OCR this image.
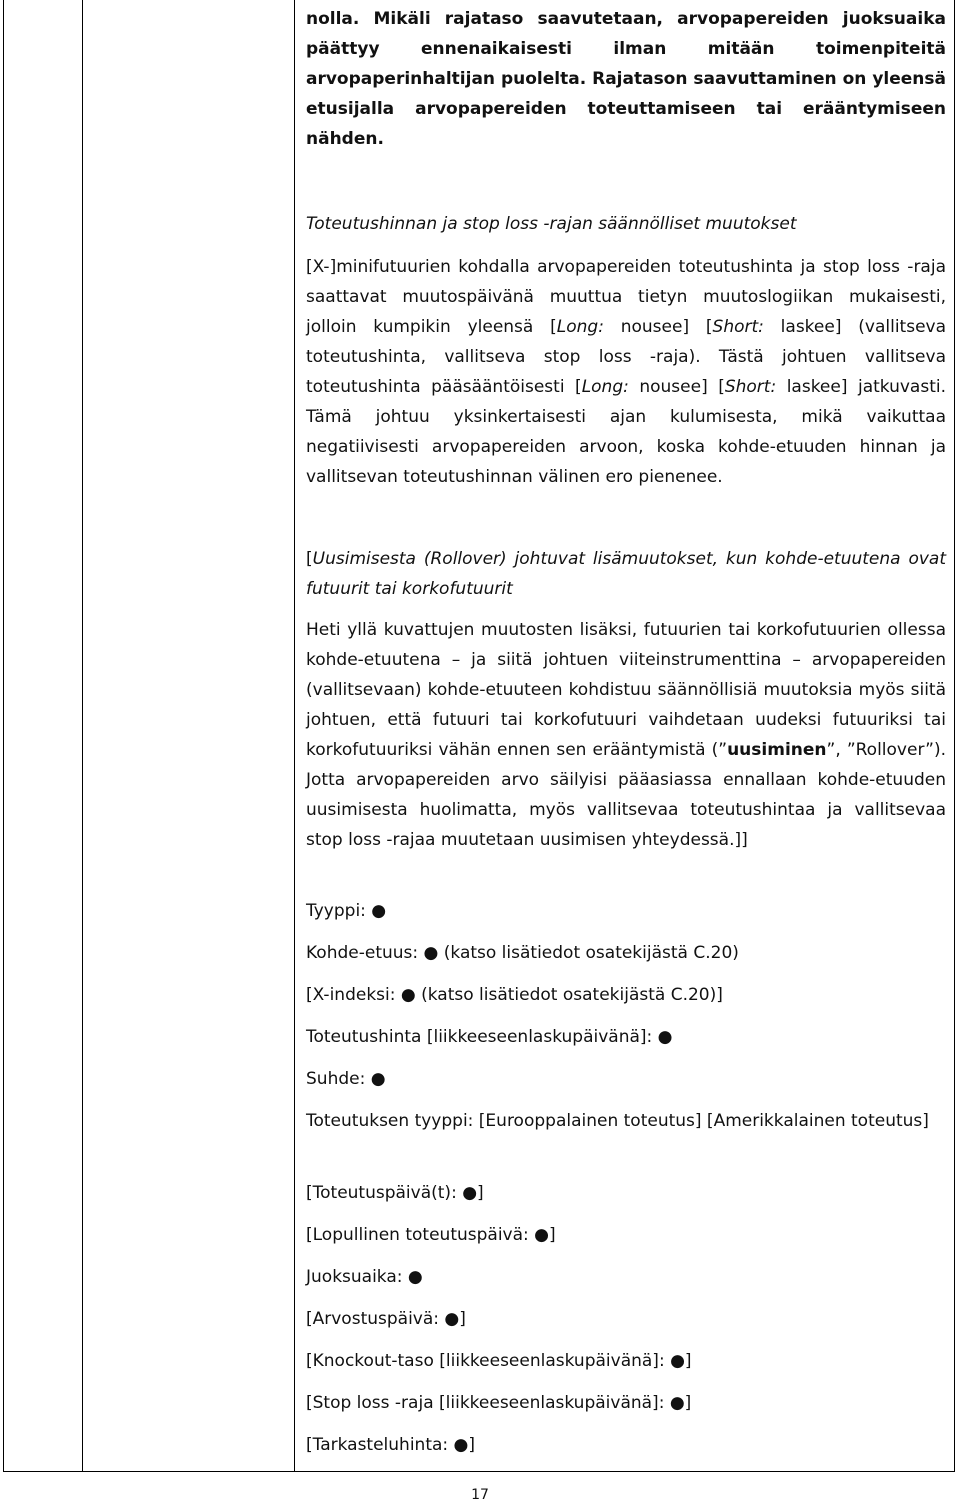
nolla. Mikäli rajataso saavutetaan, arvopapereiden juoksuaika päättyy ennenaikaisesti ilman mitään toimenpiteitä arvopaperinhaltijan puolelta. Rajatason saavuttaminen on yleensä etusijalla arvopapereiden toteuttamiseen tai erääntymiseen nähden.

Toteutushinnan ja stop loss -rajan säännölliset muutokset

[X-]minifutuurien kohdalla arvopapereiden toteutushinta ja stop loss -raja saattavat muutospäivänä muuttua tietyn muutoslogiikan mukaisesti, jolloin kumpikin yleensä [Long: nousee] [Short: laskee] (vallitseva toteutushinta, vallitseva stop loss -raja). Tästä johtuen vallitseva toteutushinta pääsääntöisesti [Long: nousee] [Short: laskee] jatkuvasti. Tämä johtuu yksinkertaisesti ajan kulumisesta, mikä vaikuttaa negatiivisesti arvopapereiden arvoon, koska kohde-etuuden hinnan ja vallitsevan toteutushinnan välinen ero pienenee.

[Uusimisesta (Rollover) johtuvat lisämuutokset, kun kohde-etuutena ovat futuurit tai korkofutuurit

Heti yllä kuvattujen muutosten lisäksi, futuurien tai korkofutuurien ollessa kohde-etuutena – ja siitä johtuen viiteinstrumenttina – arvopapereiden (vallitsevaan) kohde-etuuteen kohdistuu säännöllisiä muutoksia myös siitä johtuen, että futuuri tai korkofutuuri vaihdetaan uudeksi futuuriksi tai korkofutuuriksi vähän ennen sen erääntymistä (”uusiminen”, ”Rollover”). Jotta arvopapereiden arvo säilyisi pääasiassa ennallaan kohde-etuuden uusimisesta huolimatta, myös vallitsevaa toteutushintaa ja vallitsevaa stop loss -rajaa muutetaan uusimisen yhteydessä.]]

Tyyppi: ●
Kohde-etuus: ● (katso lisätiedot osatekijästä C.20)
[X-indeksi: ● (katso lisätiedot osatekijästä C.20)]
Toteutushinta [liikkeeseenlaskupäivänä]: ●
Suhde: ●

Toteutuksen tyyppi: [Eurooppalainen toteutus] [Amerikkalainen toteutus]

[Toteutuspäivä(t): ●]
[Lopullinen toteutuspäivä: ●]
Juoksuaika: ●
[Arvostuspäivä: ●]
[Knockout-taso [liikkeeseenlaskupäivänä]: ●]
[Stop loss -raja [liikkeeseenlaskupäivänä]: ●]
[Tarkasteluhinta: ●]
17
